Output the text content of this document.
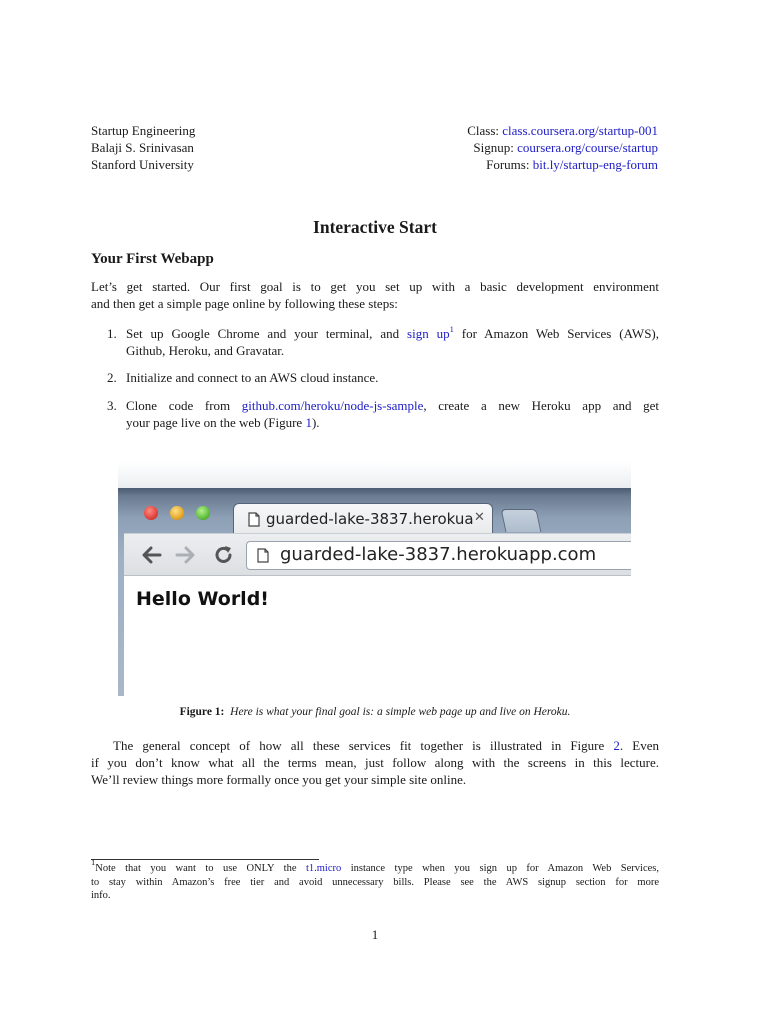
Startup Engineering
Balaji S. Srinivasan
Stanford University
Class: class.coursera.org/startup-001
Signup: coursera.org/course/startup
Forums: bit.ly/startup-eng-forum
Interactive Start
Your First Webapp
Let’s get started. Our first goal is to get you set up with a basic development environment
and then get a simple page online by following these steps:
1. Set up Google Chrome and your terminal, and sign $up^1$ for Amazon Web Services (AWS),
Github, Heroku, and Gravatar.
2. Initialize and connect to an AWS cloud instance.
3. Clone code from github.com/heroku/node-js-sample, create a new Heroku app and get
your page live on the web (Figure 1).
guarded-lake-3837.herokua ✕
guarded-lake-3837.herokuapp.com
Hello World!
Figure 1: Here is what your final goal is: a simple web page up and live on Heroku.
The general concept of how all these services fit together is illustrated in Figure 2. Even
if you don’t know what all the terms mean, just follow along with the screens in this lecture.
We’ll review things more formally once you get your simple site online.
$^1$Note that you want to use ONLY the t1.micro instance type when you sign up for Amazon Web Services,
to stay within Amazon’s free tier and avoid unnecessary bills. Please see the AWS signup section for more
info.
1
